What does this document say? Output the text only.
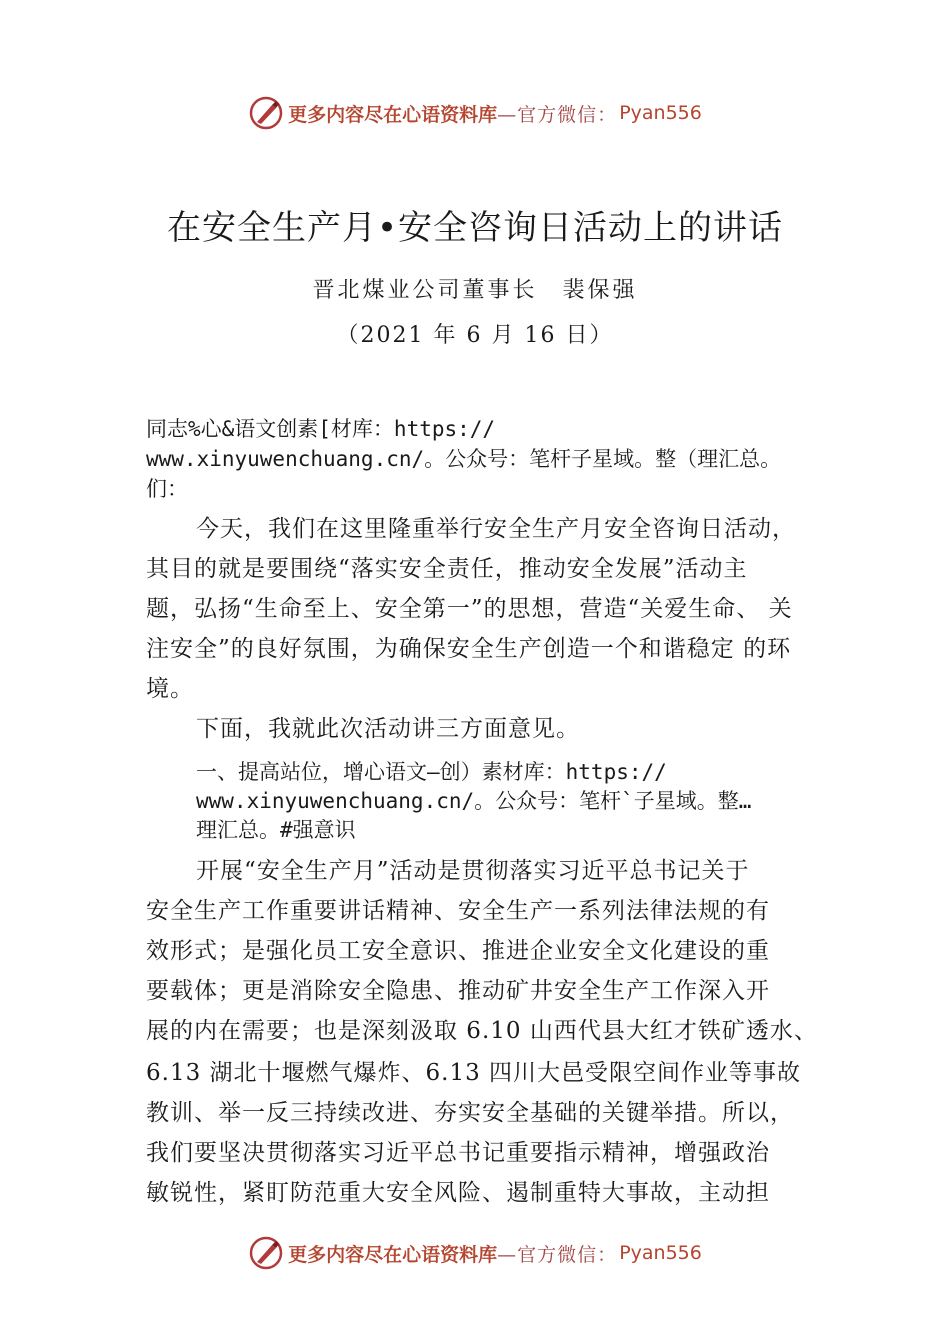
更多内容尽在心语资料库 —官方微信： Pyan556
在安全生产月•安全咨询日活动上的讲话
晋北煤业公司董事长　裴保强
（2021 年 6 月 16 日）
同志%心&语文创素[材库：https://
www.xinyuwenchuang.cn/。公众号：笔杆子星域。整（理汇总。
们：
今天，我们在这里隆重举行安全生产月安全咨询日活动，
其目的就是要围绕“落实安全责任，推动安全发展”活动主
题，弘扬“生命至上、安全第一”的思想，营造“关爱生命、 关
注安全”的良好氛围，为确保安全生产创造一个和谐稳定 的环
境。
下面，我就此次活动讲三方面意见。
一、提高站位，增心语文—创）素材库：https://
www.xinyuwenchuang.cn/。公众号：笔杆`子星域。整…
理汇总。#强意识
开展“安全生产月”活动是贯彻落实习近平总书记关于
安全生产工作重要讲话精神、安全生产一系列法律法规的有
效形式；是强化员工安全意识、推进企业安全文化建设的重
要载体；更是消除安全隐患、推动矿井安全生产工作深入开
展的内在需要；也是深刻汲取 6.10 山西代县大红才铁矿透水、
6.13 湖北十堰燃气爆炸、6.13 四川大邑受限空间作业等事故
教训、举一反三持续改进、夯实安全基础的关键举措。所以，
我们要坚决贯彻落实习近平总书记重要指示精神，增强政治
敏锐性，紧盯防范重大安全风险、遏制重特大事故，主动担
更多内容尽在心语资料库 —官方微信： Pyan556
